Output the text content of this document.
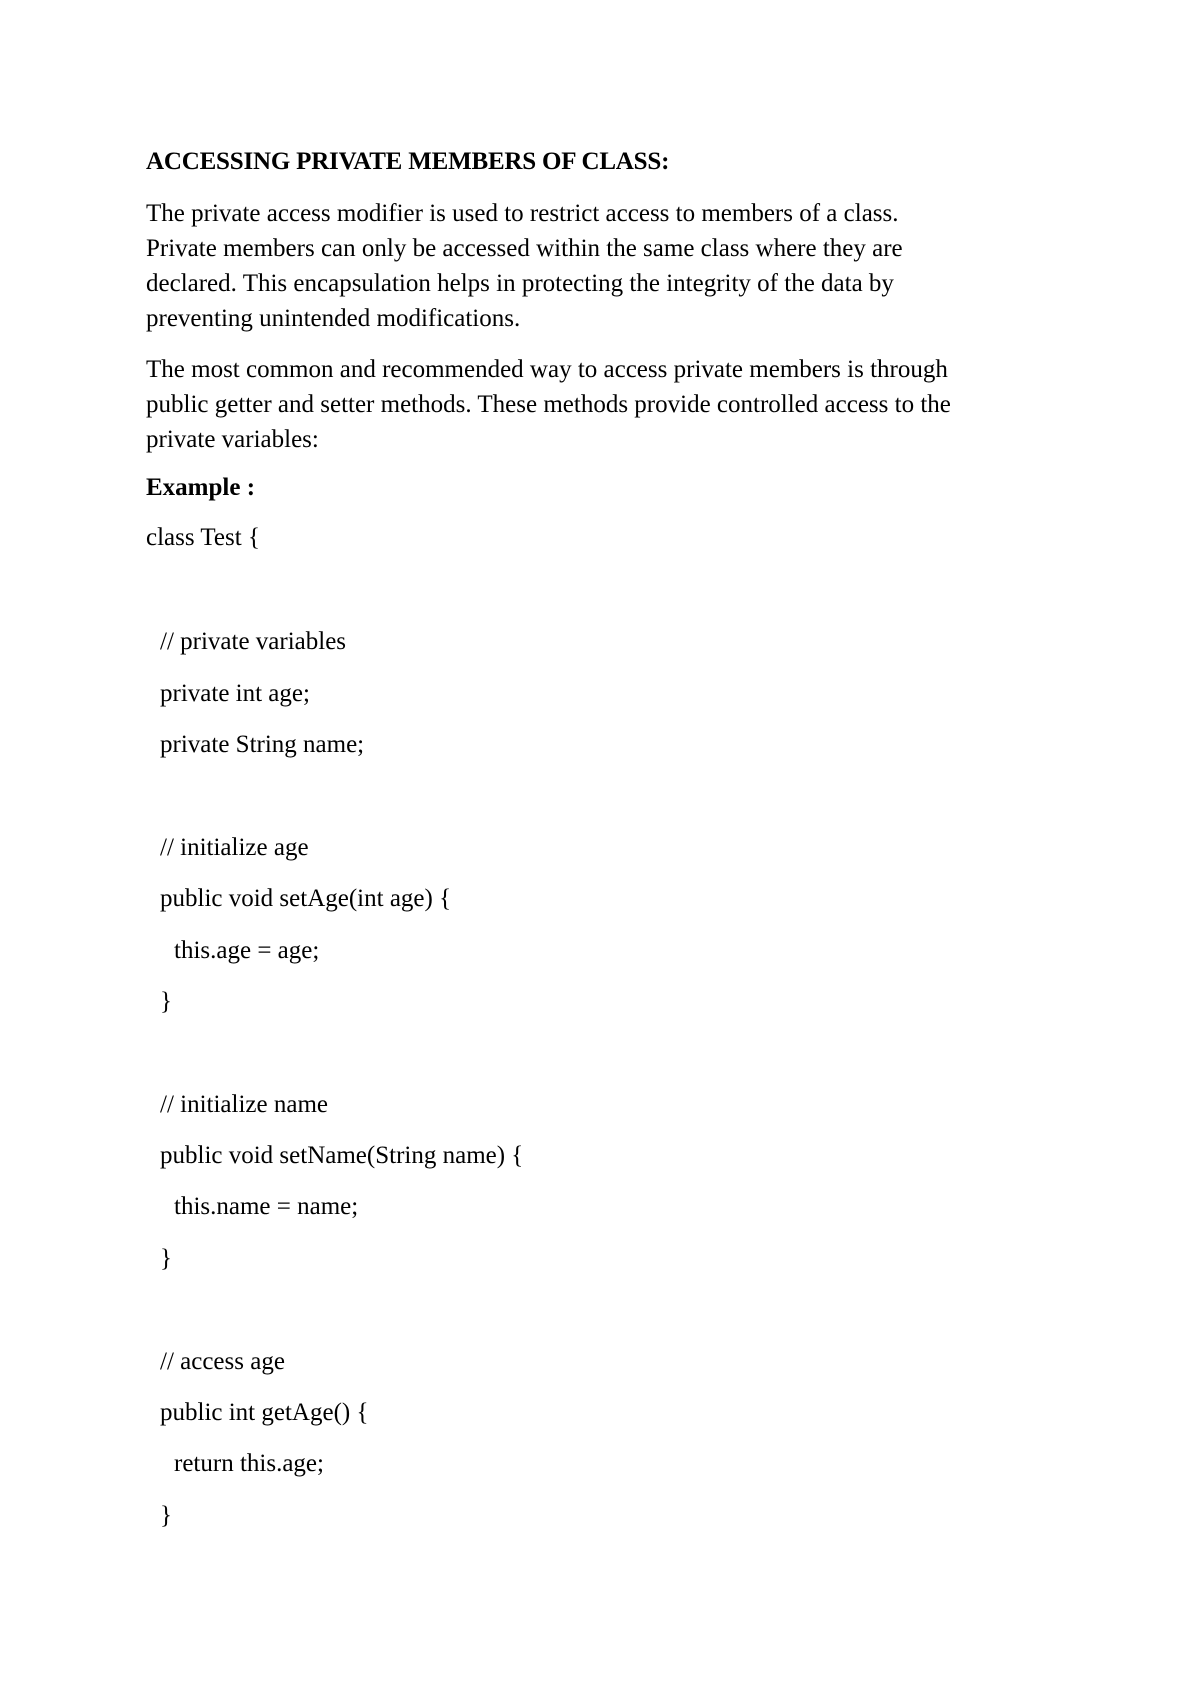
ACCESSING PRIVATE MEMBERS OF CLASS:
The private access modifier is used to restrict access to members of a class.
Private members can only be accessed within the same class where they are
declared. This encapsulation helps in protecting the integrity of the data by
preventing unintended modifications.
The most common and recommended way to access private members is through
public getter and setter methods. These methods provide controlled access to the
private variables:
Example :
class Test {
// private variables
private int age;
private String name;
// initialize age
public void setAge(int age) {
this.age = age;
}
// initialize name
public void setName(String name) {
this.name = name;
}
// access age
public int getAge() {
return this.age;
}
